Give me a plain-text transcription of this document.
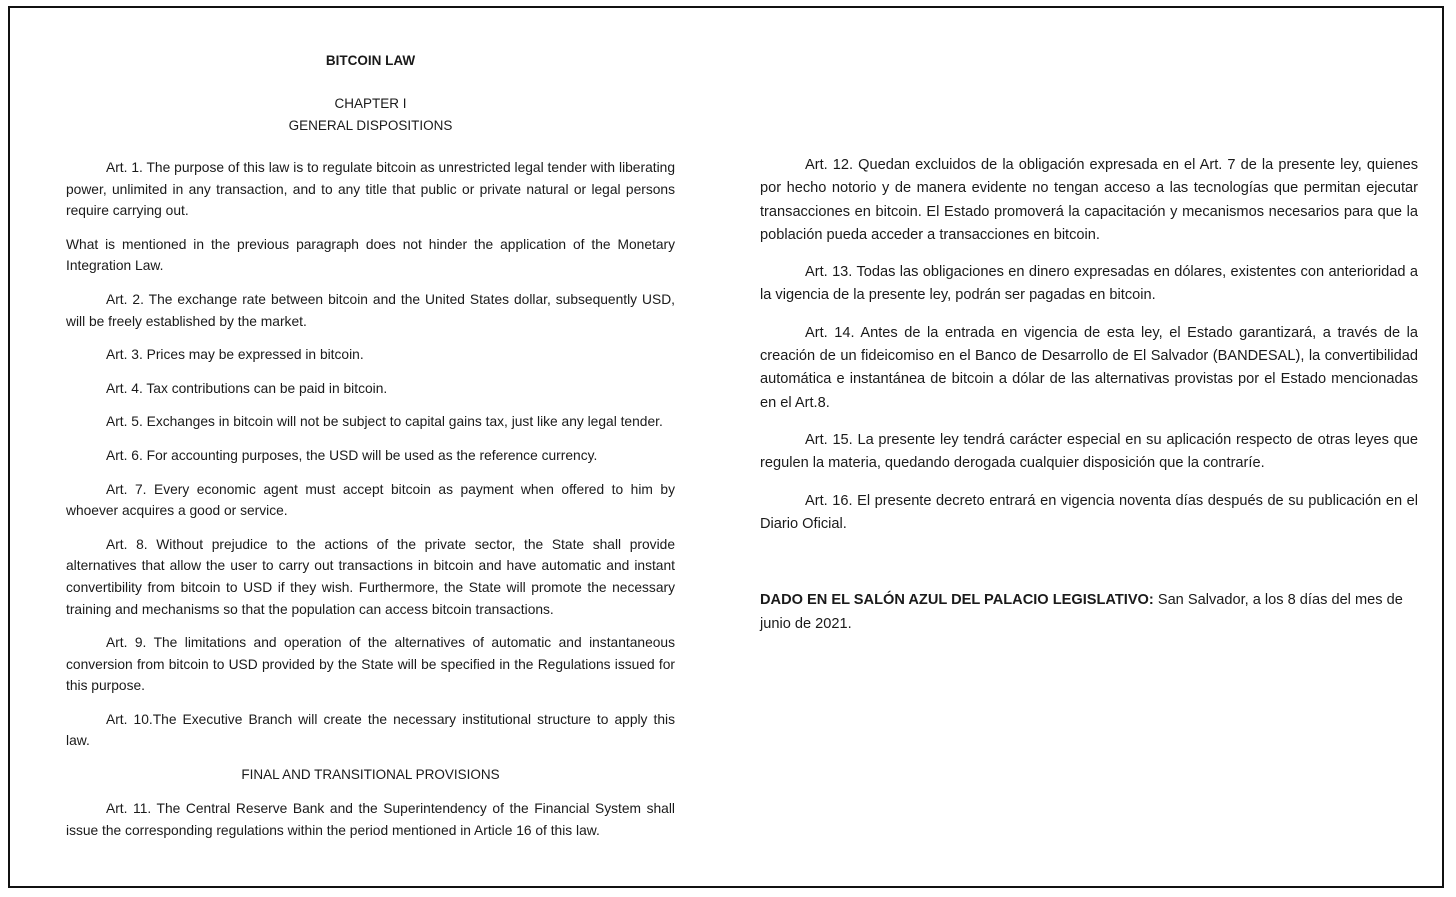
BITCOIN LAW

CHAPTER I

GENERAL DISPOSITIONS

Art. 1. The purpose of this law is to regulate bitcoin as unrestricted legal tender with liberating power, unlimited in any transaction, and to any title that public or private natural or legal persons require carrying out.

What is mentioned in the previous paragraph does not hinder the application of the Monetary Integration Law.

Art. 2. The exchange rate between bitcoin and the United States dollar, subsequently USD, will be freely established by the market.

Art. 3. Prices may be expressed in bitcoin.

Art. 4. Tax contributions can be paid in bitcoin.

Art. 5. Exchanges in bitcoin will not be subject to capital gains tax, just like any legal tender.

Art. 6. For accounting purposes, the USD will be used as the reference currency.

Art. 7. Every economic agent must accept bitcoin as payment when offered to him by whoever acquires a good or service.

Art. 8. Without prejudice to the actions of the private sector, the State shall provide alternatives that allow the user to carry out transactions in bitcoin and have automatic and instant convertibility from bitcoin to USD if they wish. Furthermore, the State will promote the necessary training and mechanisms so that the population can access bitcoin transactions.

Art. 9. The limitations and operation of the alternatives of automatic and instantaneous conversion from bitcoin to USD provided by the State will be specified in the Regulations issued for this purpose.

Art. 10.The Executive Branch will create the necessary institutional structure to apply this law.

FINAL AND TRANSITIONAL PROVISIONS

Art. 11. The Central Reserve Bank and the Superintendency of the Financial System shall issue the corresponding regulations within the period mentioned in Article 16 of this law.

Art. 12. Quedan excluidos de la obligación expresada en el Art. 7 de la presente ley, quienes por hecho notorio y de manera evidente no tengan acceso a las tecnologías que permitan ejecutar transacciones en bitcoin. El Estado promoverá la capacitación y mecanismos necesarios para que la población pueda acceder a transacciones en bitcoin.

Art. 13. Todas las obligaciones en dinero expresadas en dólares, existentes con anterioridad a la vigencia de la presente ley, podrán ser pagadas en bitcoin.

Art. 14. Antes de la entrada en vigencia de esta ley, el Estado garantizará, a través de la creación de un fideicomiso en el Banco de Desarrollo de El Salvador (BANDESAL), la convertibilidad automática e instantánea de bitcoin a dólar de las alternativas provistas por el Estado mencionadas en el Art.8.

Art. 15. La presente ley tendrá carácter especial en su aplicación respecto de otras leyes que regulen la materia, quedando derogada cualquier disposición que la contraríe.

Art. 16. El presente decreto entrará en vigencia noventa días después de su publicación en el Diario Oficial.

DADO EN EL SALÓN AZUL DEL PALACIO LEGISLATIVO: San Salvador, a los 8 días del mes de junio de 2021.
